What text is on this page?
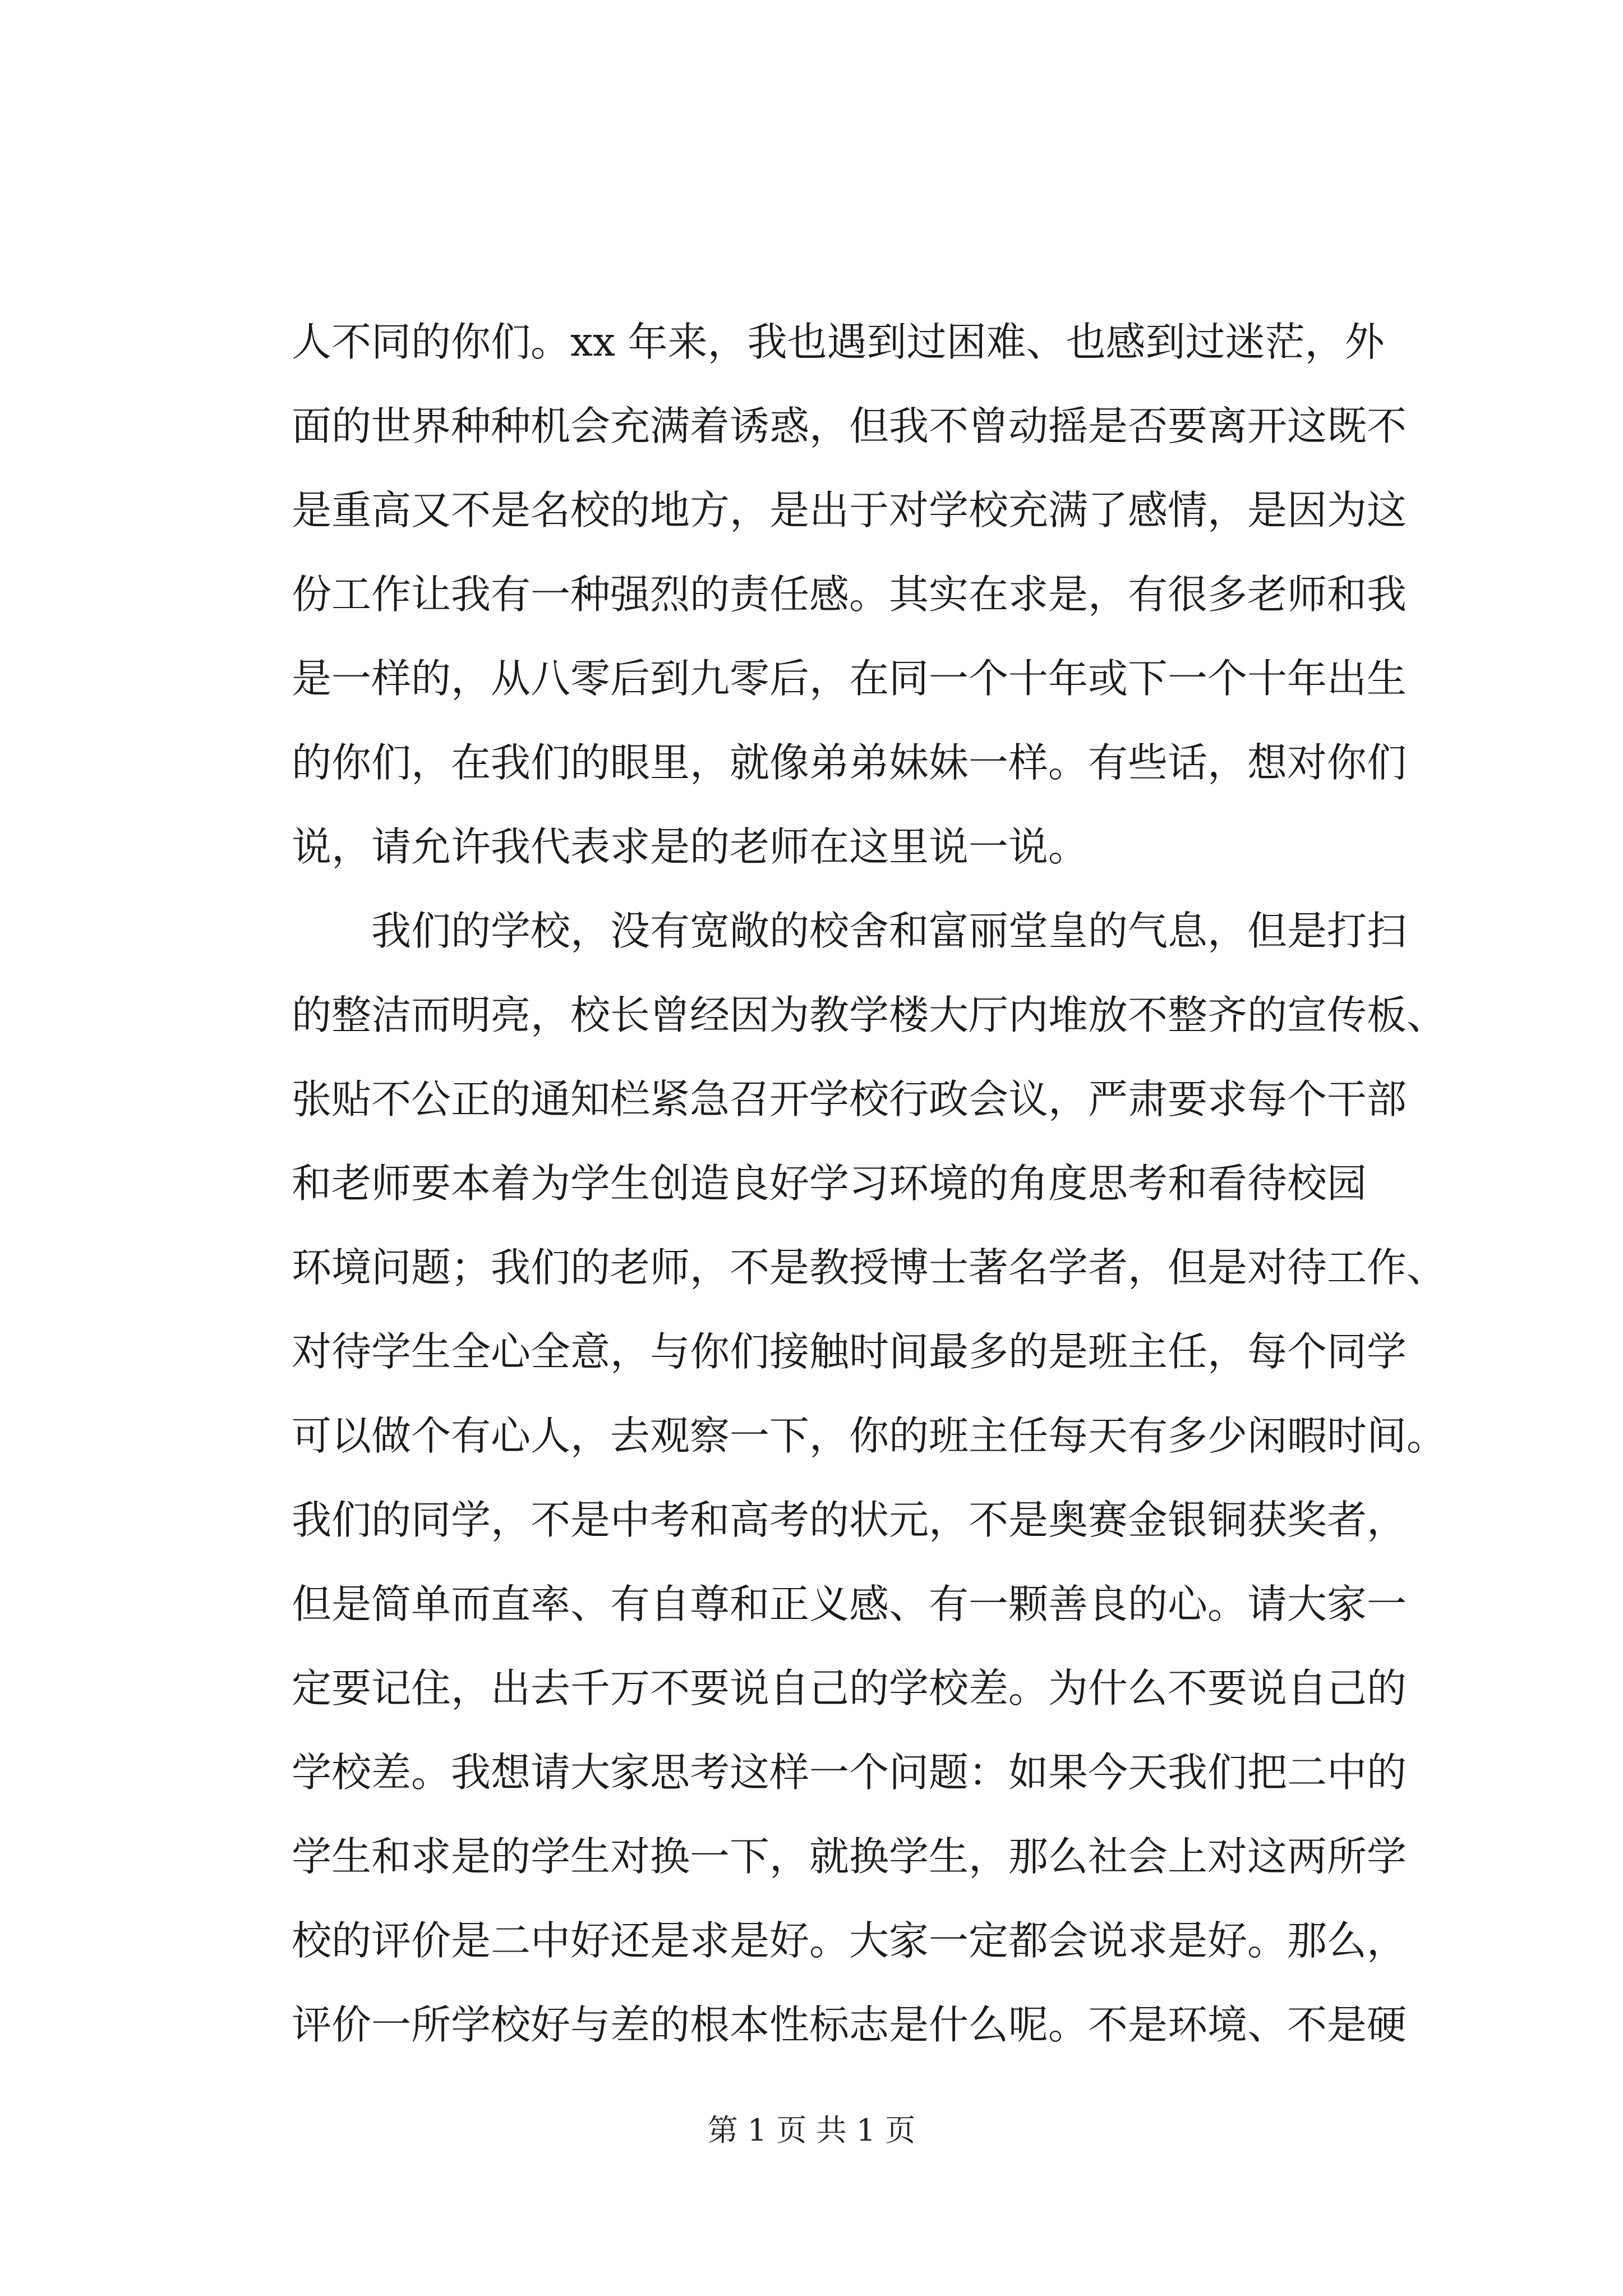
人不同的你们。xx 年来，我也遇到过困难、也感到过迷茫，外
面的世界种种机会充满着诱惑，但我不曾动摇是否要离开这既不
是重高又不是名校的地方，是出于对学校充满了感情，是因为这
份工作让我有一种强烈的责任感。其实在求是，有很多老师和我
是一样的，从八零后到九零后，在同一个十年或下一个十年出生
的你们，在我们的眼里，就像弟弟妹妹一样。有些话，想对你们
说，请允许我代表求是的老师在这里说一说。
　　我们的学校，没有宽敞的校舍和富丽堂皇的气息，但是打扫
的整洁而明亮，校长曾经因为教学楼大厅内堆放不整齐的宣传板、
张贴不公正的通知栏紧急召开学校行政会议，严肃要求每个干部
和老师要本着为学生创造良好学习环境的角度思考和看待校园
环境问题；我们的老师，不是教授博士著名学者，但是对待工作、
对待学生全心全意，与你们接触时间最多的是班主任，每个同学
可以做个有心人，去观察一下，你的班主任每天有多少闲暇时间。
我们的同学，不是中考和高考的状元，不是奥赛金银铜获奖者，
但是简单而直率、有自尊和正义感、有一颗善良的心。请大家一
定要记住，出去千万不要说自己的学校差。为什么不要说自己的
学校差。我想请大家思考这样一个问题：如果今天我们把二中的
学生和求是的学生对换一下，就换学生，那么社会上对这两所学
校的评价是二中好还是求是好。大家一定都会说求是好。那么，
评价一所学校好与差的根本性标志是什么呢。不是环境、不是硬
第 1 页 共 1 页
